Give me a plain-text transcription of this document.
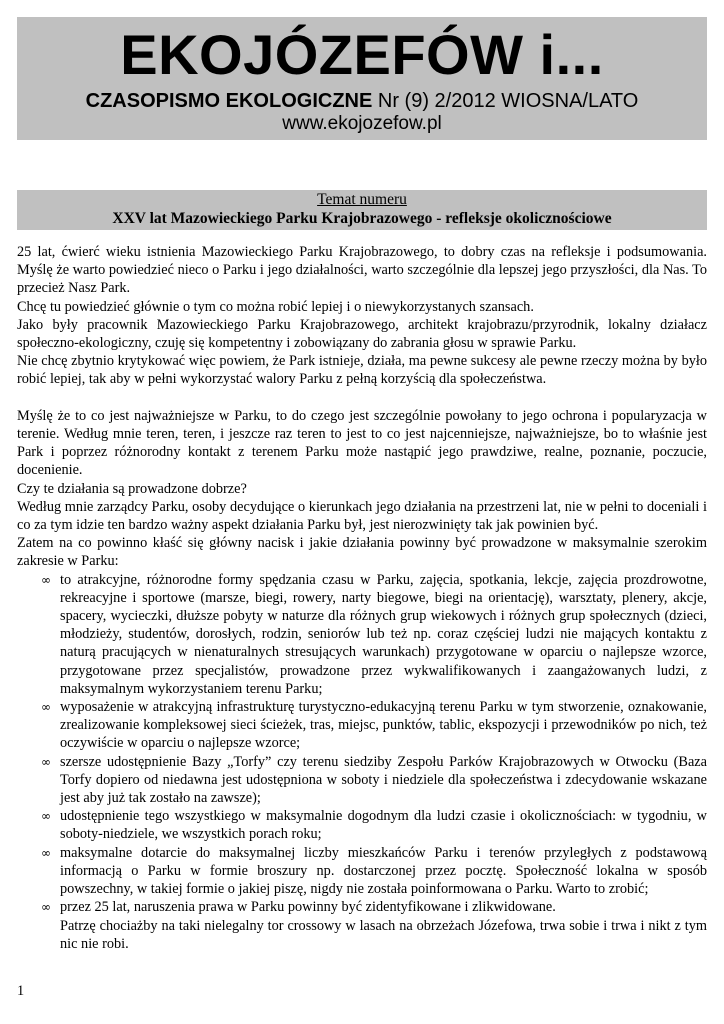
EKOJÓZEFÓW i...
CZASOPISMO EKOLOGICZNE Nr (9) 2/2012 WIOSNA/LATO
www.ekojozefow.pl
Temat numeru
XXV lat Mazowieckiego Parku Krajobrazowego - refleksje okolicznościowe

25 lat, ćwierć wieku istnienia Mazowieckiego Parku Krajobrazowego, to dobry czas na refleksje i podsumowania. Myślę że warto powiedzieć nieco o Parku i jego działalności, warto szczególnie dla lepszej jego przyszłości, dla Nas. To przecież Nasz Park.

Chcę tu powiedzieć głównie o tym co można robić lepiej i o niewykorzystanych szansach.

Jako były pracownik Mazowieckiego Parku Krajobrazowego, architekt krajobrazu/przyrodnik, lokalny działacz społeczno-ekologiczny, czuję się kompetentny i zobowiązany do zabrania głosu w sprawie Parku.

Nie chcę zbytnio krytykować więc powiem, że Park istnieje, działa, ma pewne sukcesy ale pewne rzeczy można by było robić lepiej, tak aby w pełni wykorzystać walory Parku z pełną korzyścią dla społeczeństwa.

Myślę że to co jest najważniejsze w Parku, to do czego jest szczególnie powołany to jego ochrona i popularyzacja w terenie. Według mnie teren, teren, i jeszcze raz teren to jest to co jest najcenniejsze, najważniejsze, bo to właśnie jest Park i poprzez różnorodny kontakt z terenem Parku może nastąpić jego prawdziwe, realne, poznanie, poczucie, docenienie.

Czy te działania są prowadzone dobrze?

Według mnie zarządcy Parku, osoby decydujące o kierunkach jego działania na przestrzeni lat, nie w pełni to doceniali i co za tym idzie ten bardzo ważny aspekt działania Parku był, jest nierozwinięty tak jak powinien być.

Zatem na co powinno kłaść się główny nacisk i jakie działania powinny być prowadzone w maksymalnie szerokim zakresie w Parku:

∞ to atrakcyjne, różnorodne formy spędzania czasu w Parku, zajęcia, spotkania, lekcje, zajęcia prozdrowotne, rekreacyjne i sportowe (marsze, biegi, rowery, narty biegowe, biegi na orientację), warsztaty, plenery, akcje, spacery, wycieczki, dłuższe pobyty w naturze dla różnych grup wiekowych i różnych grup społecznych (dzieci, młodzieży, studentów, dorosłych, rodzin, seniorów lub też np. coraz częściej ludzi nie mających kontaktu z naturą pracujących w nienaturalnych stresujących warunkach) przygotowane w oparciu o najlepsze wzorce, przygotowane przez specjalistów, prowadzone przez wykwalifikowanych i zaangażowanych ludzi, z maksymalnym wykorzystaniem terenu Parku;
∞ wyposażenie w atrakcyjną infrastrukturę turystyczno-edukacyjną terenu Parku w tym stworzenie, oznakowanie, zrealizowanie kompleksowej sieci ścieżek, tras, miejsc, punktów, tablic, ekspozycji i przewodników po nich, też oczywiście w oparciu o najlepsze wzorce;
∞ szersze udostępnienie Bazy „Torfy” czy terenu siedziby Zespołu Parków Krajobrazowych w Otwocku (Baza Torfy dopiero od niedawna jest udostępniona w soboty i niedziele dla społeczeństwa i zdecydowanie wskazane jest aby już tak zostało na zawsze);
∞ udostępnienie tego wszystkiego w maksymalnie dogodnym dla ludzi czasie i okolicznościach: w tygodniu, w soboty-niedziele, we wszystkich porach roku;
∞ maksymalne dotarcie do maksymalnej liczby mieszkańców Parku i terenów przyległych z podstawową informacją o Parku w formie broszury np. dostarczonej przez pocztę. Społeczność lokalna w sposób powszechny, w takiej formie o jakiej piszę, nigdy nie została poinformowana o Parku. Warto to zrobić;
∞ przez 25 lat, naruszenia prawa w Parku powinny być zidentyfikowane i zlikwidowane.

Patrzę chociażby na taki nielegalny tor crossowy w lasach na obrzeżach Józefowa, trwa sobie i trwa i nikt z tym nic nie robi.

1
